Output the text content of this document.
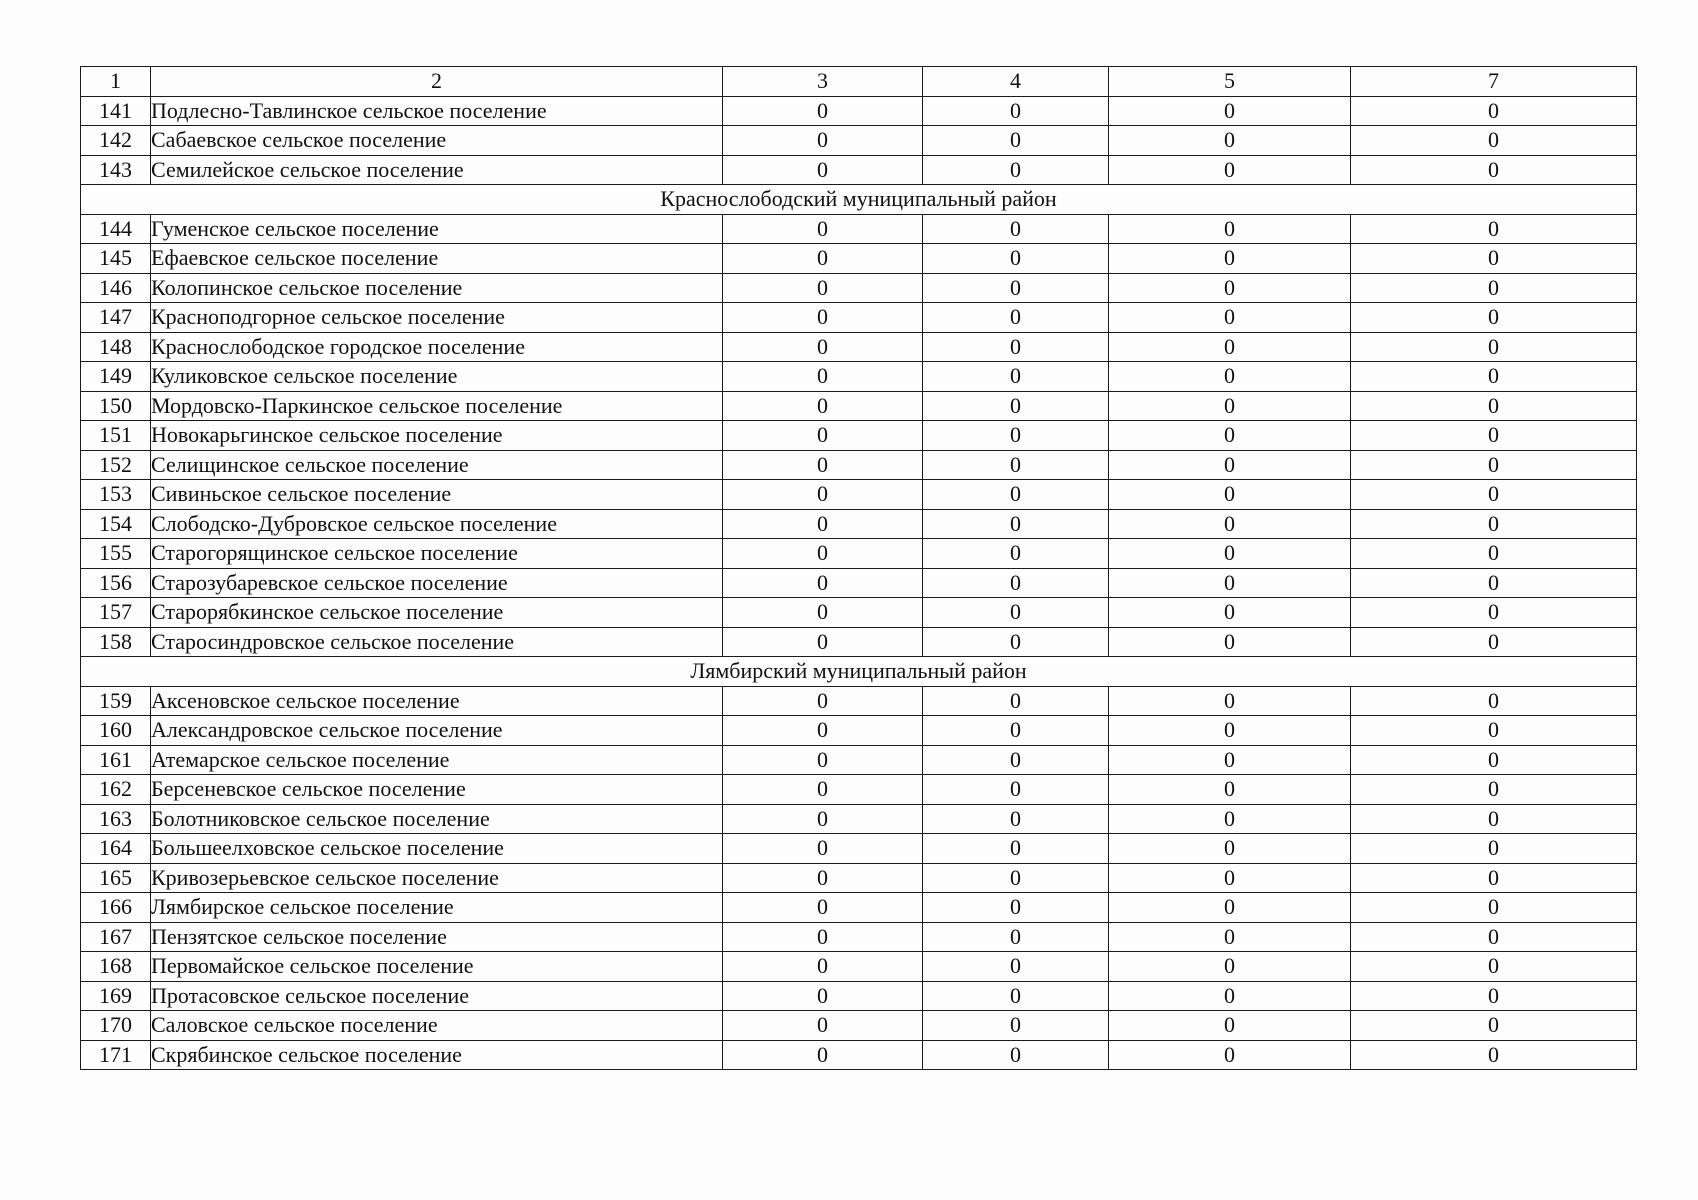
1	2	3	4	5	7
141	Подлесно-Тавлинское сельское поселение	0	0	0	0
142	Сабаевское сельское поселение	0	0	0	0
143	Семилейское сельское поселение	0	0	0	0
Краснослободский муниципальный район					
144	Гуменское сельское поселение	0	0	0	0
145	Ефаевское сельское поселение	0	0	0	0
146	Колопинское сельское поселение	0	0	0	0
147	Красноподгорное сельское поселение	0	0	0	0
148	Краснослободское городское поселение	0	0	0	0
149	Куликовское сельское поселение	0	0	0	0
150	Мордовско-Паркинское сельское поселение	0	0	0	0
151	Новокарьгинское сельское поселение	0	0	0	0
152	Селищинское сельское поселение	0	0	0	0
153	Сивиньское сельское поселение	0	0	0	0
154	Слободско-Дубровское сельское поселение	0	0	0	0
155	Старогорящинское сельское поселение	0	0	0	0
156	Старозубаревское сельское поселение	0	0	0	0
157	Старорябкинское сельское поселение	0	0	0	0
158	Старосиндровское сельское поселение	0	0	0	0
Лямбирский муниципальный район					
159	Аксеновское сельское поселение	0	0	0	0
160	Александровское сельское поселение	0	0	0	0
161	Атемарское сельское поселение	0	0	0	0
162	Берсеневское сельское поселение	0	0	0	0
163	Болотниковское сельское поселение	0	0	0	0
164	Большеелховское сельское поселение	0	0	0	0
165	Кривозерьевское сельское поселение	0	0	0	0
166	Лямбирское сельское поселение	0	0	0	0
167	Пензятское сельское поселение	0	0	0	0
168	Первомайское сельское поселение	0	0	0	0
169	Протасовское сельское поселение	0	0	0	0
170	Саловское сельское поселение	0	0	0	0
171	Скрябинское сельское поселение	0	0	0	0
